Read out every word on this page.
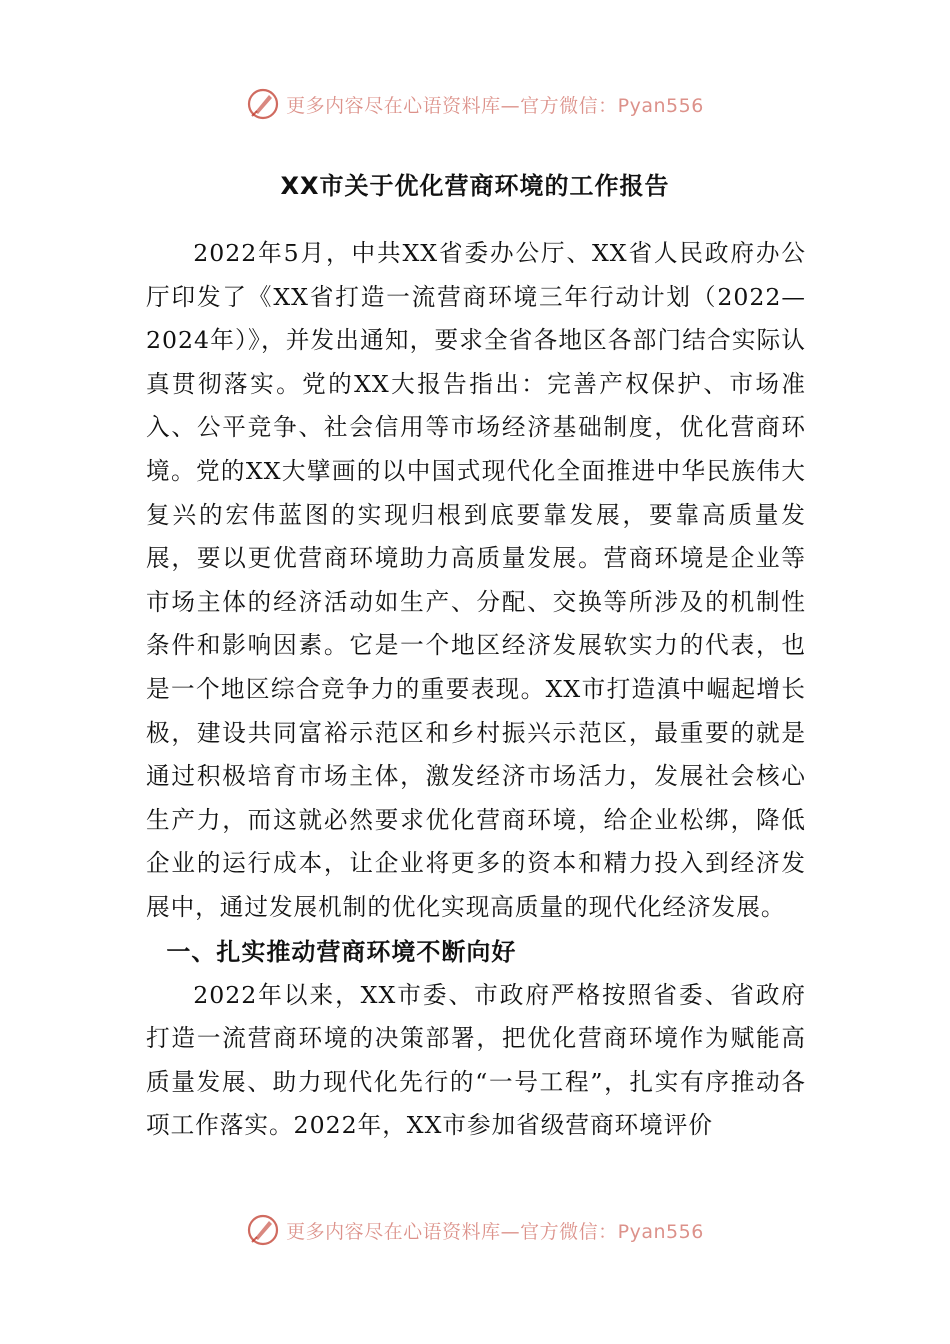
更多内容尽在心语资料库—官方微信：Pyan556
XX市关于优化营商环境的工作报告

2022年5月，中共XX省委办公厅、XX省人民政府办公厅印发了《XX省打造一流营商环境三年行动计划（2022—2024年）》，并发出通知，要求全省各地区各部门结合实际认真贯彻落实。党的XX大报告指出：完善产权保护、市场准入、公平竞争、社会信用等市场经济基础制度，优化营商环境。党的XX大擘画的以中国式现代化全面推进中华民族伟大复兴的宏伟蓝图的实现归根到底要靠发展，要靠高质量发展，要以更优营商环境助力高质量发展。营商环境是企业等市场主体的经济活动如生产、分配、交换等所涉及的机制性条件和影响因素。它是一个地区经济发展软实力的代表，也是一个地区综合竞争力的重要表现。XX市打造滇中崛起增长极，建设共同富裕示范区和乡村振兴示范区，最重要的就是通过积极培育市场主体，激发经济市场活力，发展社会核心生产力，而这就必然要求优化营商环境，给企业松绑，降低企业的运行成本，让企业将更多的资本和精力投入到经济发展中，通过发展机制的优化实现高质量的现代化经济发展。

一、扎实推动营商环境不断向好

2022年以来，XX市委、市政府严格按照省委、省政府打造一流营商环境的决策部署，把优化营商环境作为赋能高质量发展、助力现代化先行的“一号工程”，扎实有序推动各项工作落实。2022年，XX市参加省级营商环境评价

更多内容尽在心语资料库—官方微信：Pyan556
